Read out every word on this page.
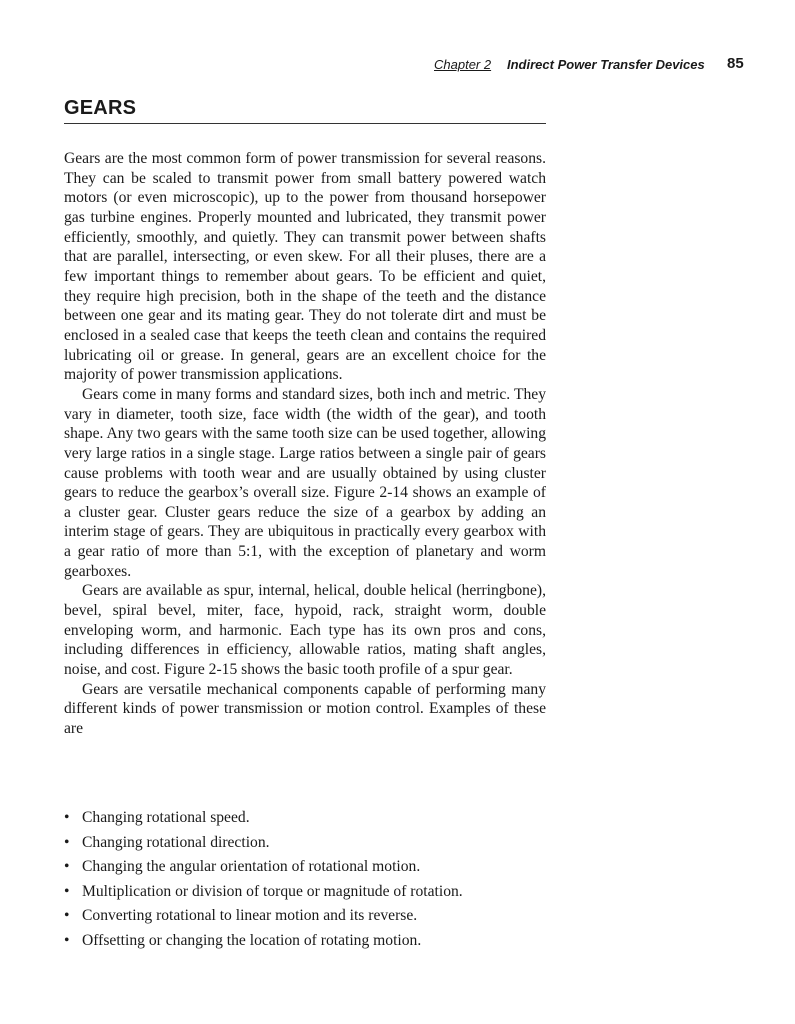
Chapter 2 Indirect Power Transfer Devices 85
GEARS

Gears are the most common form of power transmission for several reasons. They can be scaled to transmit power from small battery powered watch motors (or even microscopic), up to the power from thousand horsepower gas turbine engines. Properly mounted and lubricated, they transmit power efficiently, smoothly, and quietly. They can transmit power between shafts that are parallel, intersecting, or even skew. For all their pluses, there are a few important things to remember about gears. To be efficient and quiet, they require high precision, both in the shape of the teeth and the distance between one gear and its mating gear. They do not tolerate dirt and must be enclosed in a sealed case that keeps the teeth clean and contains the required lubricating oil or grease. In general, gears are an excellent choice for the majority of power transmission applications.

Gears come in many forms and standard sizes, both inch and metric. They vary in diameter, tooth size, face width (the width of the gear), and tooth shape. Any two gears with the same tooth size can be used together, allowing very large ratios in a single stage. Large ratios between a single pair of gears cause problems with tooth wear and are usually obtained by using cluster gears to reduce the gearbox’s overall size. Figure 2-14 shows an example of a cluster gear. Cluster gears reduce the size of a gearbox by adding an interim stage of gears. They are ubiquitous in practically every gearbox with a gear ratio of more than 5:1, with the exception of planetary and worm gearboxes.

Gears are available as spur, internal, helical, double helical (herringbone), bevel, spiral bevel, miter, face, hypoid, rack, straight worm, double enveloping worm, and harmonic. Each type has its own pros and cons, including differences in efficiency, allowable ratios, mating shaft angles, noise, and cost. Figure 2-15 shows the basic tooth profile of a spur gear.

Gears are versatile mechanical components capable of performing many different kinds of power transmission or motion control. Examples of these are

• Changing rotational speed.
• Changing rotational direction.
• Changing the angular orientation of rotational motion.
• Multiplication or division of torque or magnitude of rotation.
• Converting rotational to linear motion and its reverse.
• Offsetting or changing the location of rotating motion.
